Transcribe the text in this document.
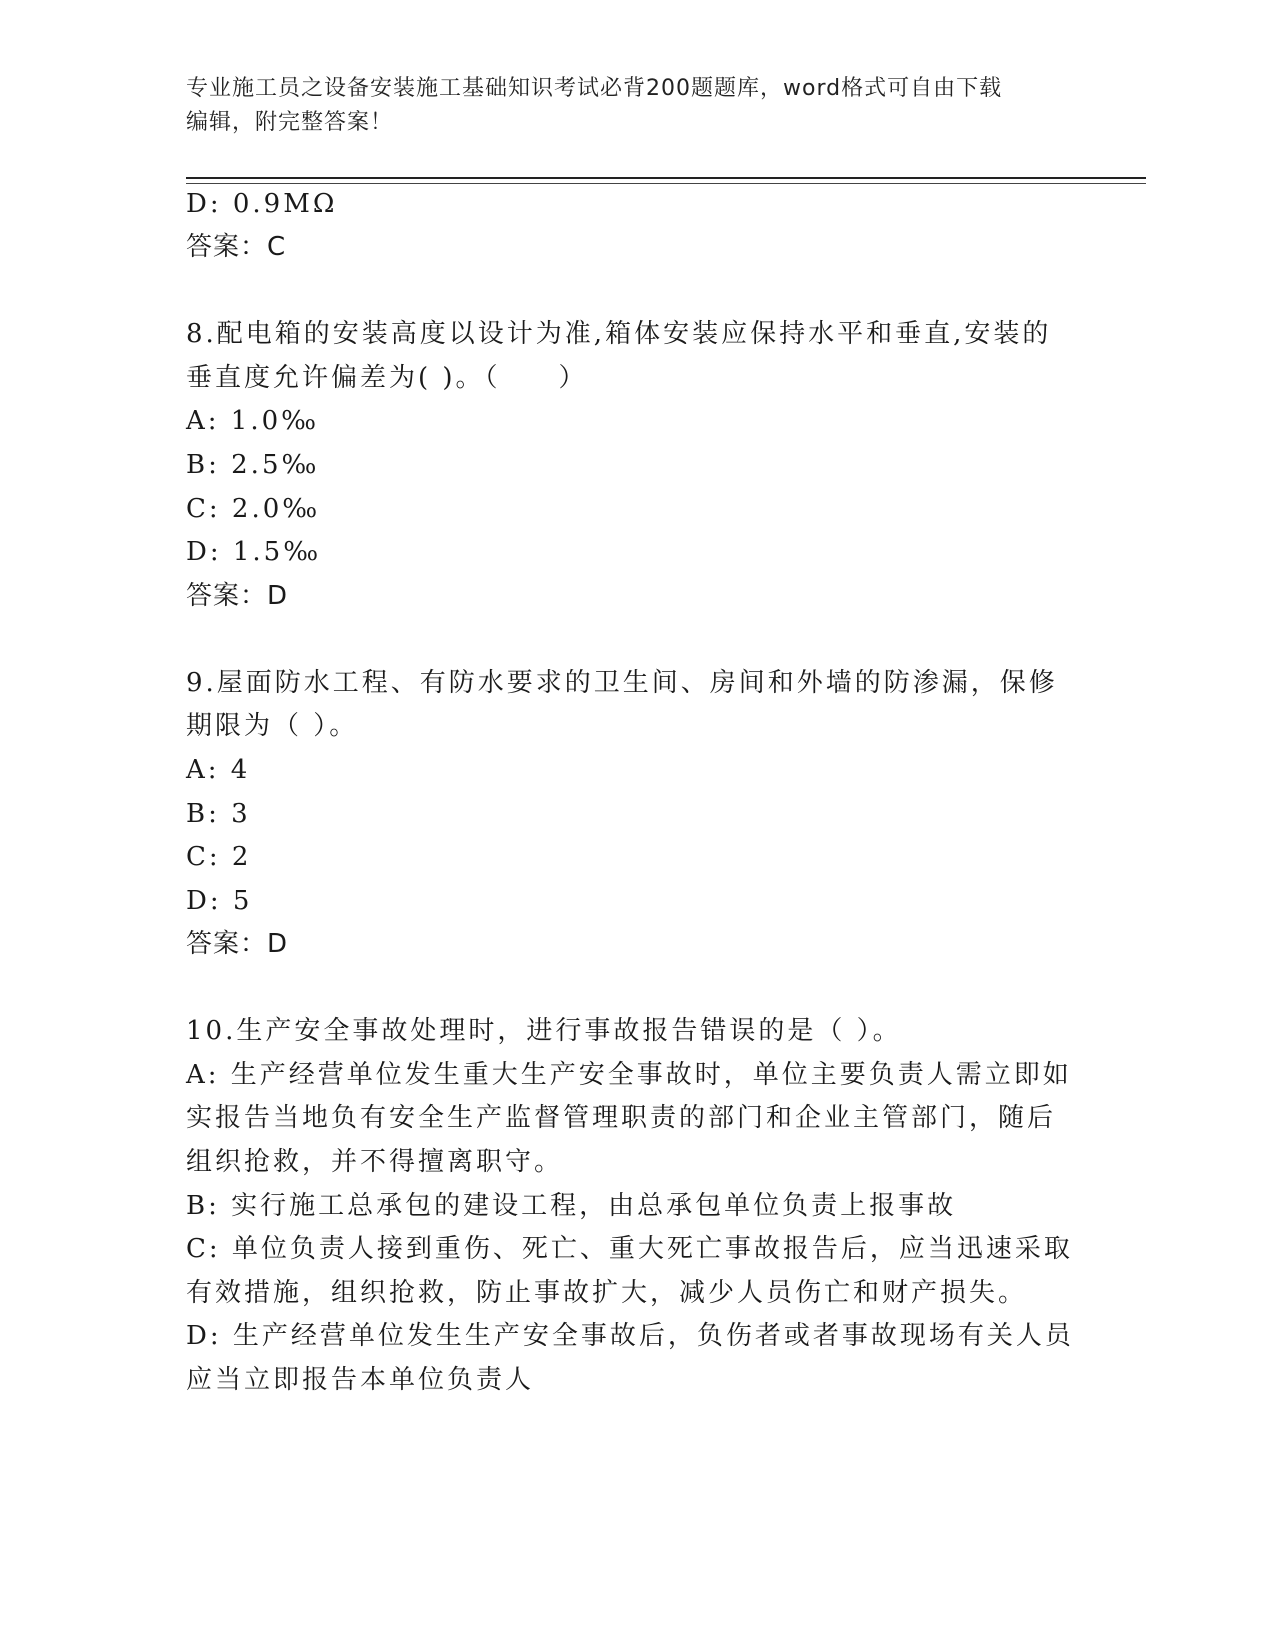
专业施工员之设备安装施工基础知识考试必背200题题库，word格式可自由下载
编辑，附完整答案！
D: 0.9MΩ
答案：C
8.配电箱的安装高度以设计为准,箱体安装应保持水平和垂直,安装的
垂直度允许偏差为( )。（　　）
A: 1.0‰
B: 2.5‰
C: 2.0‰
D: 1.5‰
答案：D
9.屋面防水工程、有防水要求的卫生间、房间和外墙的防渗漏，保修
期限为（ ）。
A: 4
B: 3
C: 2
D: 5
答案：D
10.生产安全事故处理时，进行事故报告错误的是（ ）。
A: 生产经营单位发生重大生产安全事故时，单位主要负责人需立即如
实报告当地负有安全生产监督管理职责的部门和企业主管部门，随后
组织抢救，并不得擅离职守。
B: 实行施工总承包的建设工程，由总承包单位负责上报事故
C: 单位负责人接到重伤、死亡、重大死亡事故报告后，应当迅速采取
有效措施，组织抢救，防止事故扩大，减少人员伤亡和财产损失。
D: 生产经营单位发生生产安全事故后，负伤者或者事故现场有关人员
应当立即报告本单位负责人
